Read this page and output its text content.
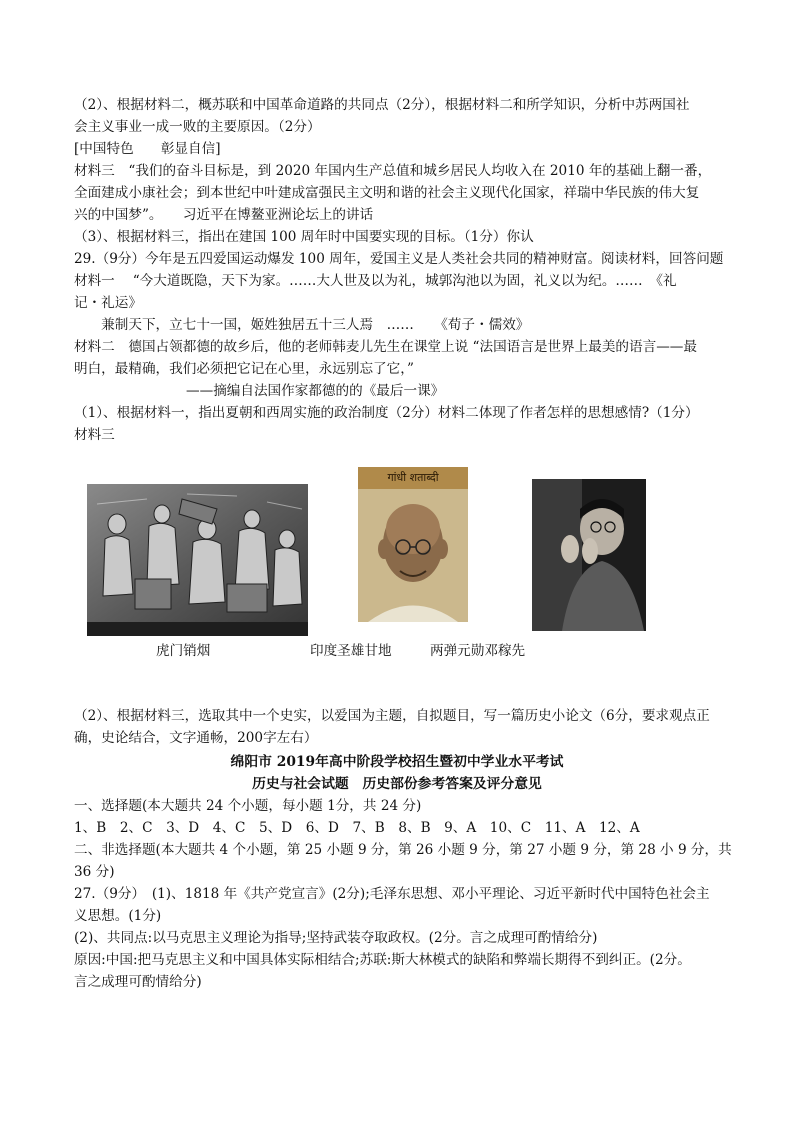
（2）、根据材料二，概苏联和中国革命道路的共同点（2分），根据材料二和所学知识，分析中苏两国社
会主义事业一成一败的主要原因。（2分）
[中国特色　　彰显自信]
材料三　“我们的奋斗目标是，到 2020 年国内生产总值和城乡居民人均收入在 2010 年的基础上翻一番，
全面建成小康社会；到本世纪中叶建成富强民主文明和谐的社会主义现代化国家，祥瑞中华民族的伟大复
兴的中国梦”。　　习近平在博鳌亚洲论坛上的讲话
（3）、根据材料三，指出在建国 100 周年时中国要实现的目标。（1分）你认
29.（9分）今年是五四爱国运动爆发 100 周年，爱国主义是人类社会共同的精神财富。阅读材料，回答问题
材料一　 “今大道既隐，天下为家。……大人世及以为礼，城郭沟池以为固，礼义以为纪。……　《礼
记・礼运》
　　兼制天下，立七十一国，姬姓独居五十三人焉　……　　《荀子・儒效》
材料二　德国占领都德的故乡后，他的老师韩麦儿先生在课堂上说 “法国语言是世界上最美的语言——最
明白，最精确，我们必须把它记在心里，永远别忘了它，”
——摘编自法国作家都德的的《最后一课》
（1）、根据材料一，指出夏朝和西周实施的政治制度（2分）材料二体现了作者怎样的思想感情?（1分）
材料三
गांधी शताब्दी
虎门销烟	印度圣雄甘地	两弹元勋邓稼先
（2）、根据材料三，选取其中一个史实，以爱国为主题，自拟题目，写一篇历史小论文（6分，要求观点正
确，史论结合，文字通畅，200字左右）
绵阳市 2019年高中阶段学校招生暨初中学业水平考试
历史与社会试题　历史部份参考答案及评分意见
一、选择题(本大题共 24 个小题，每小题 1分，共 24 分)
1、B　2、C　3、D　4、C　5、D　6、D　7、B　8、B　9、A　10、C　11、A　12、A
二、非选择题(本大题共 4 个小题，第 25 小题 9 分，第 26 小题 9 分，第 27 小题 9 分，第 28 小 9 分，共
36 分)
27.（9分）　(1)、1818 年《共产党宣言》(2分);毛泽东思想、邓小平理论、习近平新时代中国特色社会主
义思想。(1分)
(2)、共同点:以马克思主义理论为指导;坚持武装夺取政权。(2分。言之成理可酌情给分)
原因:中国:把马克思主义和中国具体实际相结合;苏联:斯大林模式的缺陷和弊端长期得不到纠正。(2分。
言之成理可酌情给分)
